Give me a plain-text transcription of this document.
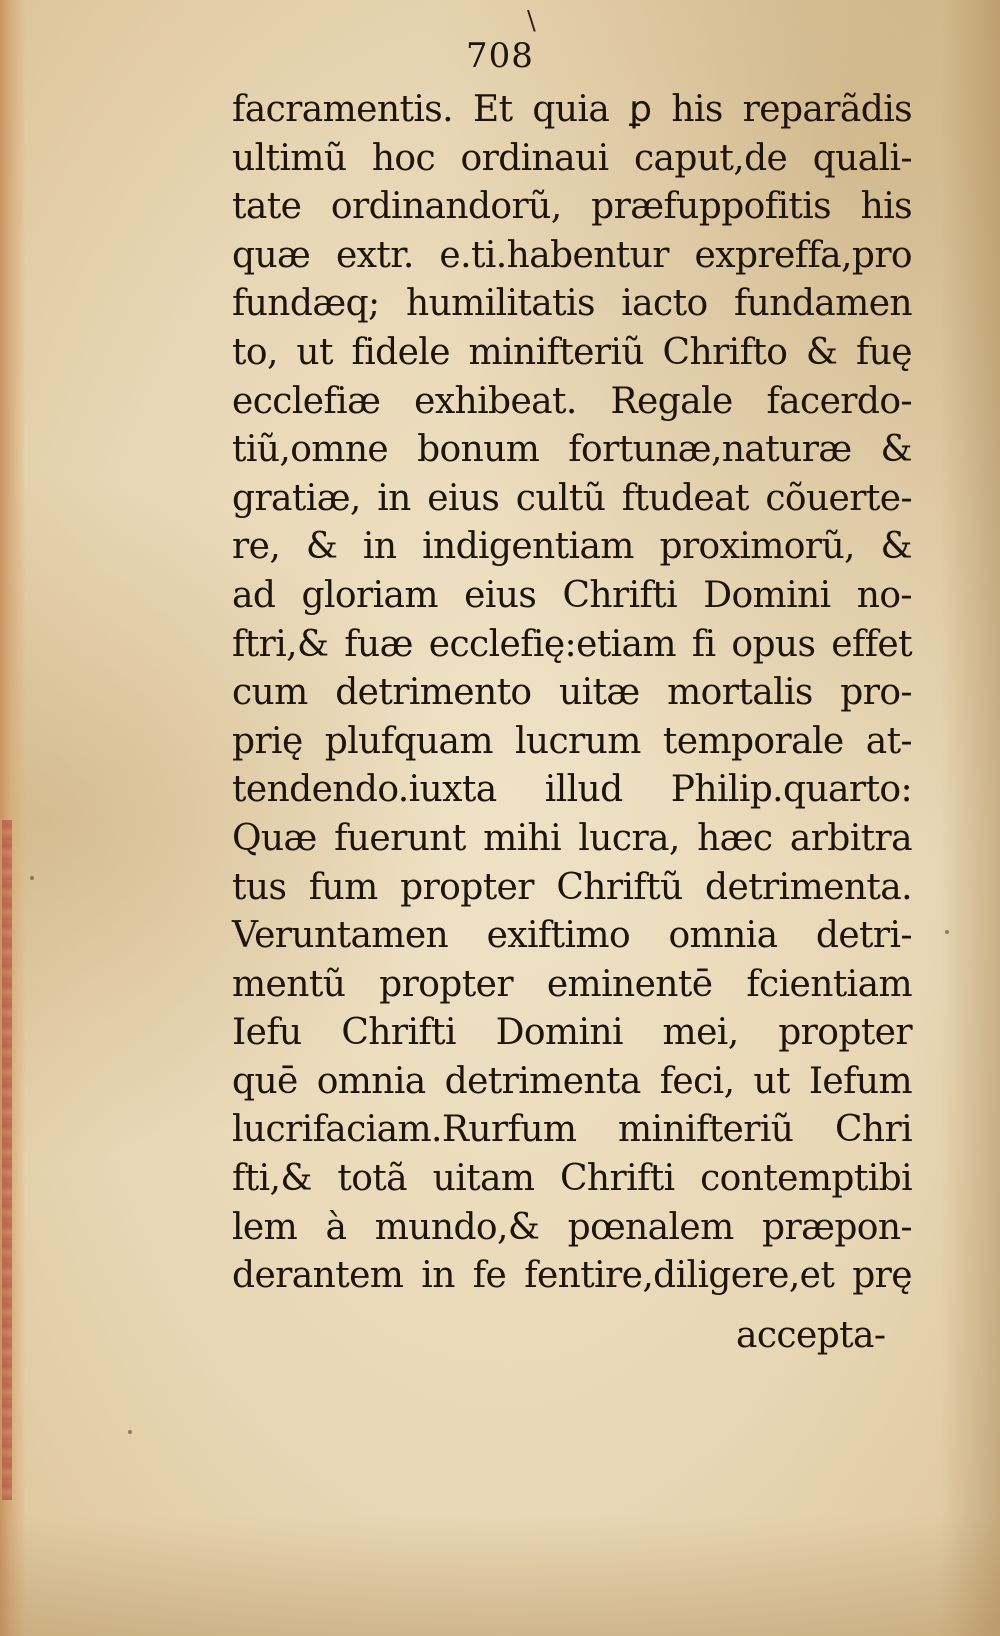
\
708
facramentis. Et quia ꝑ his reparãdis
ultimũ hoc ordinaui caput,de quali-
tate ordinandorũ, præfuppofitis his
quæ extr. e.ti.habentur expreffa,pro
fundæq; humilitatis iacto fundamen
to, ut fidele minifteriũ Chrifto & fuę
ecclefiæ exhibeat. Regale facerdo-
tiũ,omne bonum fortunæ,naturæ &
gratiæ, in eius cultũ ftudeat cõuerte-
re, & in indigentiam proximorũ, &
ad gloriam eius Chrifti Domini no-
ftri,& fuæ ecclefię:etiam fi opus effet
cum detrimento uitæ mortalis pro-
prię plufquam lucrum temporale at-
tendendo.iuxta illud Philip.quarto:
Quæ fuerunt mihi lucra, hæc arbitra
tus fum propter Chriftũ detrimenta.
Veruntamen exiftimo omnia detri-
mentũ propter eminentē fcientiam
Iefu Chrifti Domini mei, propter
quē omnia detrimenta feci, ut Iefum
lucrifaciam.Rurfum minifteriũ Chri
fti,& totã uitam Chrifti contemptibi
lem à mundo,& pœnalem præpon-
derantem in fe fentire,diligere,et prę
accepta-
